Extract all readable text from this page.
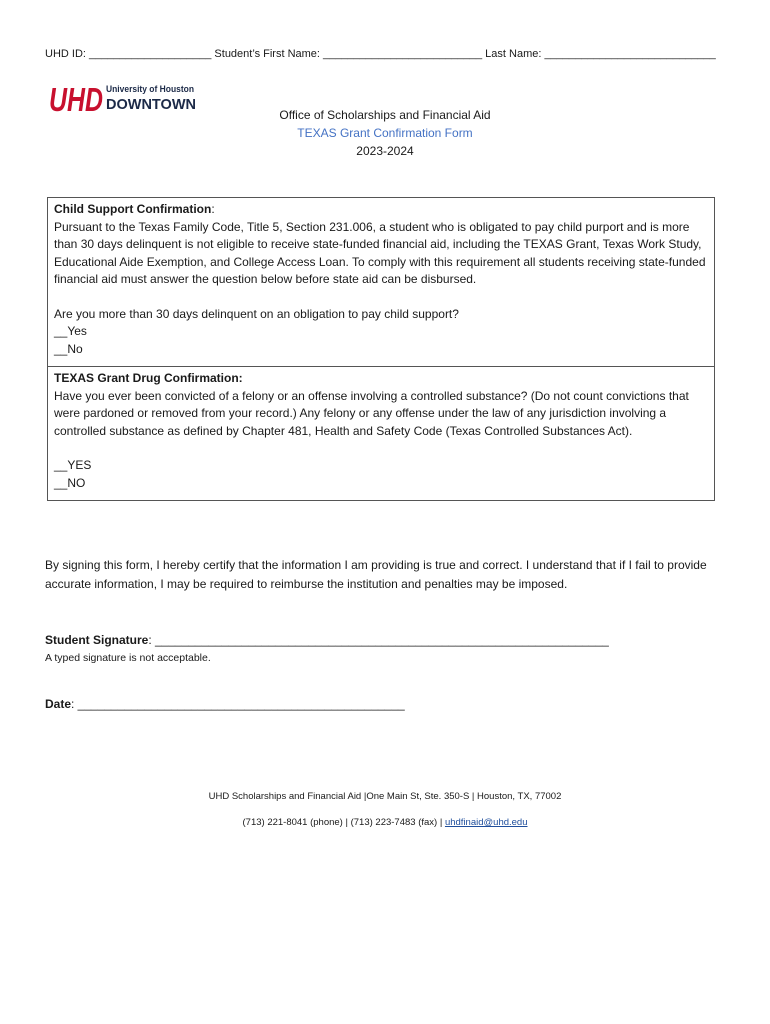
UHD ID: ____________________ Student’s First Name: __________________________ Last Name: ____________________________
UHD University of Houston
DOWNTOWN
Office of Scholarships and Financial Aid
TEXAS Grant Confirmation Form
2023-2024

Child Support Confirmation:

Pursuant to the Texas Family Code, Title 5, Section 231.006, a student who is obligated to pay child purport and is more than 30 days delinquent is not eligible to receive state-funded financial aid, including the TEXAS Grant, Texas Work Study, Educational Aide Exemption, and College Access Loan. To comply with this requirement all students receiving state-funded financial aid must answer the question below before state aid can be disbursed.

Are you more than 30 days delinquent on an obligation to pay child support?

__Yes

__No

TEXAS Grant Drug Confirmation:

Have you ever been convicted of a felony or an offense involving a controlled substance? (Do not count convictions that were pardoned or removed from your record.) Any felony or any offense under the law of any jurisdiction involving a controlled substance as defined by Chapter 481, Health and Safety Code (Texas Controlled Substances Act).

__YES

__NO

By signing this form, I hereby certify that the information I am providing is true and correct. I understand that if I fail to provide accurate information, I may be required to reimburse the institution and penalties may be imposed.
Student Signature: ____________________________________________________________________
A typed signature is not acceptable.
Date: _________________________________________________
UHD Scholarships and Financial Aid |One Main St, Ste. 350-S | Houston, TX, 77002
(713) 221-8041 (phone) | (713) 223-7483 (fax) | uhdfinaid@uhd.edu
